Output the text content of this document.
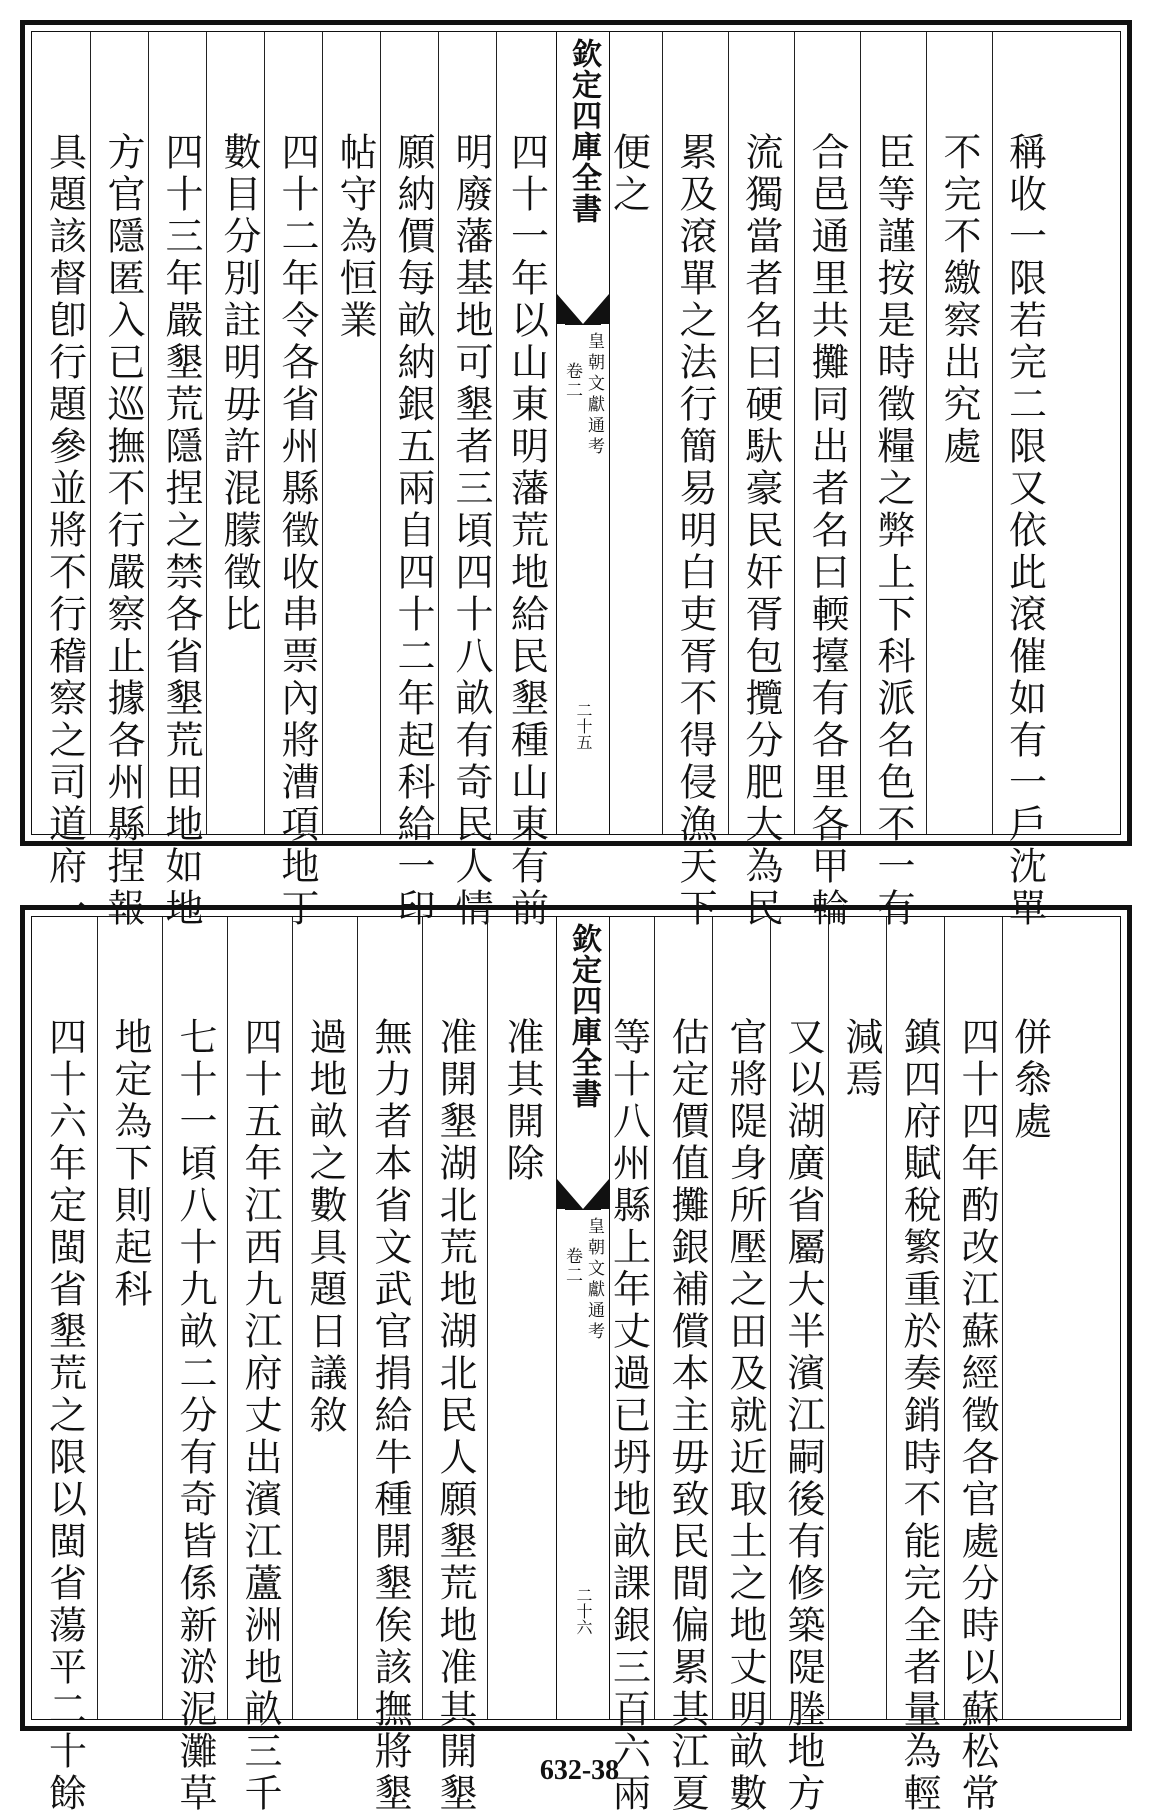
具題該督卽行題參並將不行稽察之司道府一 方官隱匿入已巡撫不行嚴察止據各州縣捏報 四十三年嚴墾荒隱捏之禁各省墾荒田地如地 數目分別註明毋許混朦徵比 四十二年令各省州縣徵收串票內將漕項地丁 帖守為恒業 願納價每畝納銀五兩自四十二年起科給一印 明廢藩基地可墾者三頃四十八畝有奇民人情 四十一年以山東明藩荒地給民墾種山東有前
欽定四庫全書
皇朝文獻通考
卷二
二十五
便之 累及滾單之法行簡易明白吏胥不得侵漁天下 流獨當者名曰硬馱豪民奸胥包攬分肥大為民 合邑通里共攤同出者名曰輭擡有各里各甲輪 臣等謹按是時徵糧之弊上下科派名色不一有 不完不繳察出究處 稱收一限若完二限又依此滾催如有一戶沈單
四十六年定閩省墾荒之限以閩省蕩平二十餘 地定為下則起科 七十一頃八十九畝二分有奇皆係新淤泥灘草 四十五年江西九江府丈出濱江蘆洲地畝三千 過地畝之數具題日議敘 無力者本省文武官捐給牛種開墾俟該撫將墾 准開墾湖北荒地湖北民人願墾荒地准其開墾 准其開除 欽定四庫全書
皇朝文獻通考
卷二
二十六 等十八州縣上年丈過已坍地畝課銀三百六兩 估定價值攤銀補償本主毋致民間偏累其江夏 官將隄身所壓之田及就近取土之地丈明畝數 又以湖廣省屬大半濱江嗣後有修築隄塍地方 減焉 鎮四府賦稅繁重於奏銷時不能完全者量為輕 四十四年酌改江蘇經徵各官處分時以蘇松常 併叅處
632-38
